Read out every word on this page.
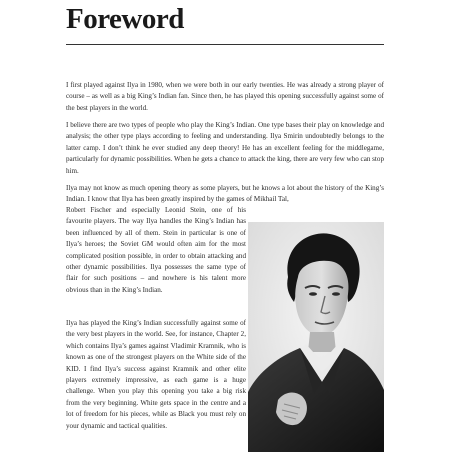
Foreword

I first played against Ilya in 1980, when we were both in our early twenties. He was already a strong player of course – as well as a big King’s Indian fan. Since then, he has played this opening successfully against some of the best players in the world.

I believe there are two types of people who play the King’s Indian. One type bases their play on knowledge and analysis; the other type plays according to feeling and understanding. Ilya Smirin undoubtedly belongs to the latter camp. I don’t think he ever studied any deep theory! He has an excellent feeling for the middlegame, particularly for dynamic possibilities. When he gets a chance to attack the king, there are very few who can stop him.

Ilya may not know as much opening theory as some players, but he knows a lot about the history of the King’s Indian. I know that Ilya has been greatly inspired by the games of Mikhail Tal,

Robert Fischer and especially Leonid Stein, one of his favourite players. The way Ilya handles the King’s Indian has been influenced by all of them. Stein in particular is one of Ilya’s heroes; the Soviet GM would often aim for the most complicated position possible, in order to obtain attacking and other dynamic possibilities. Ilya possesses the same type of flair for such positions – and nowhere is his talent more obvious than in the King’s Indian.

Ilya has played the King’s Indian successfully against some of the very best players in the world. See, for instance, Chapter 2, which contains Ilya’s games against Vladimir Kramnik, who is known as one of the strongest players on the White side of the KID. I find Ilya’s success against Kramnik and other elite players extremely impressive, as each game is a huge challenge. When you play this opening you take a big risk from the very beginning. White gets space in the centre and a lot of freedom for his pieces, while as Black you must rely on your dynamic and tactical qualities.
